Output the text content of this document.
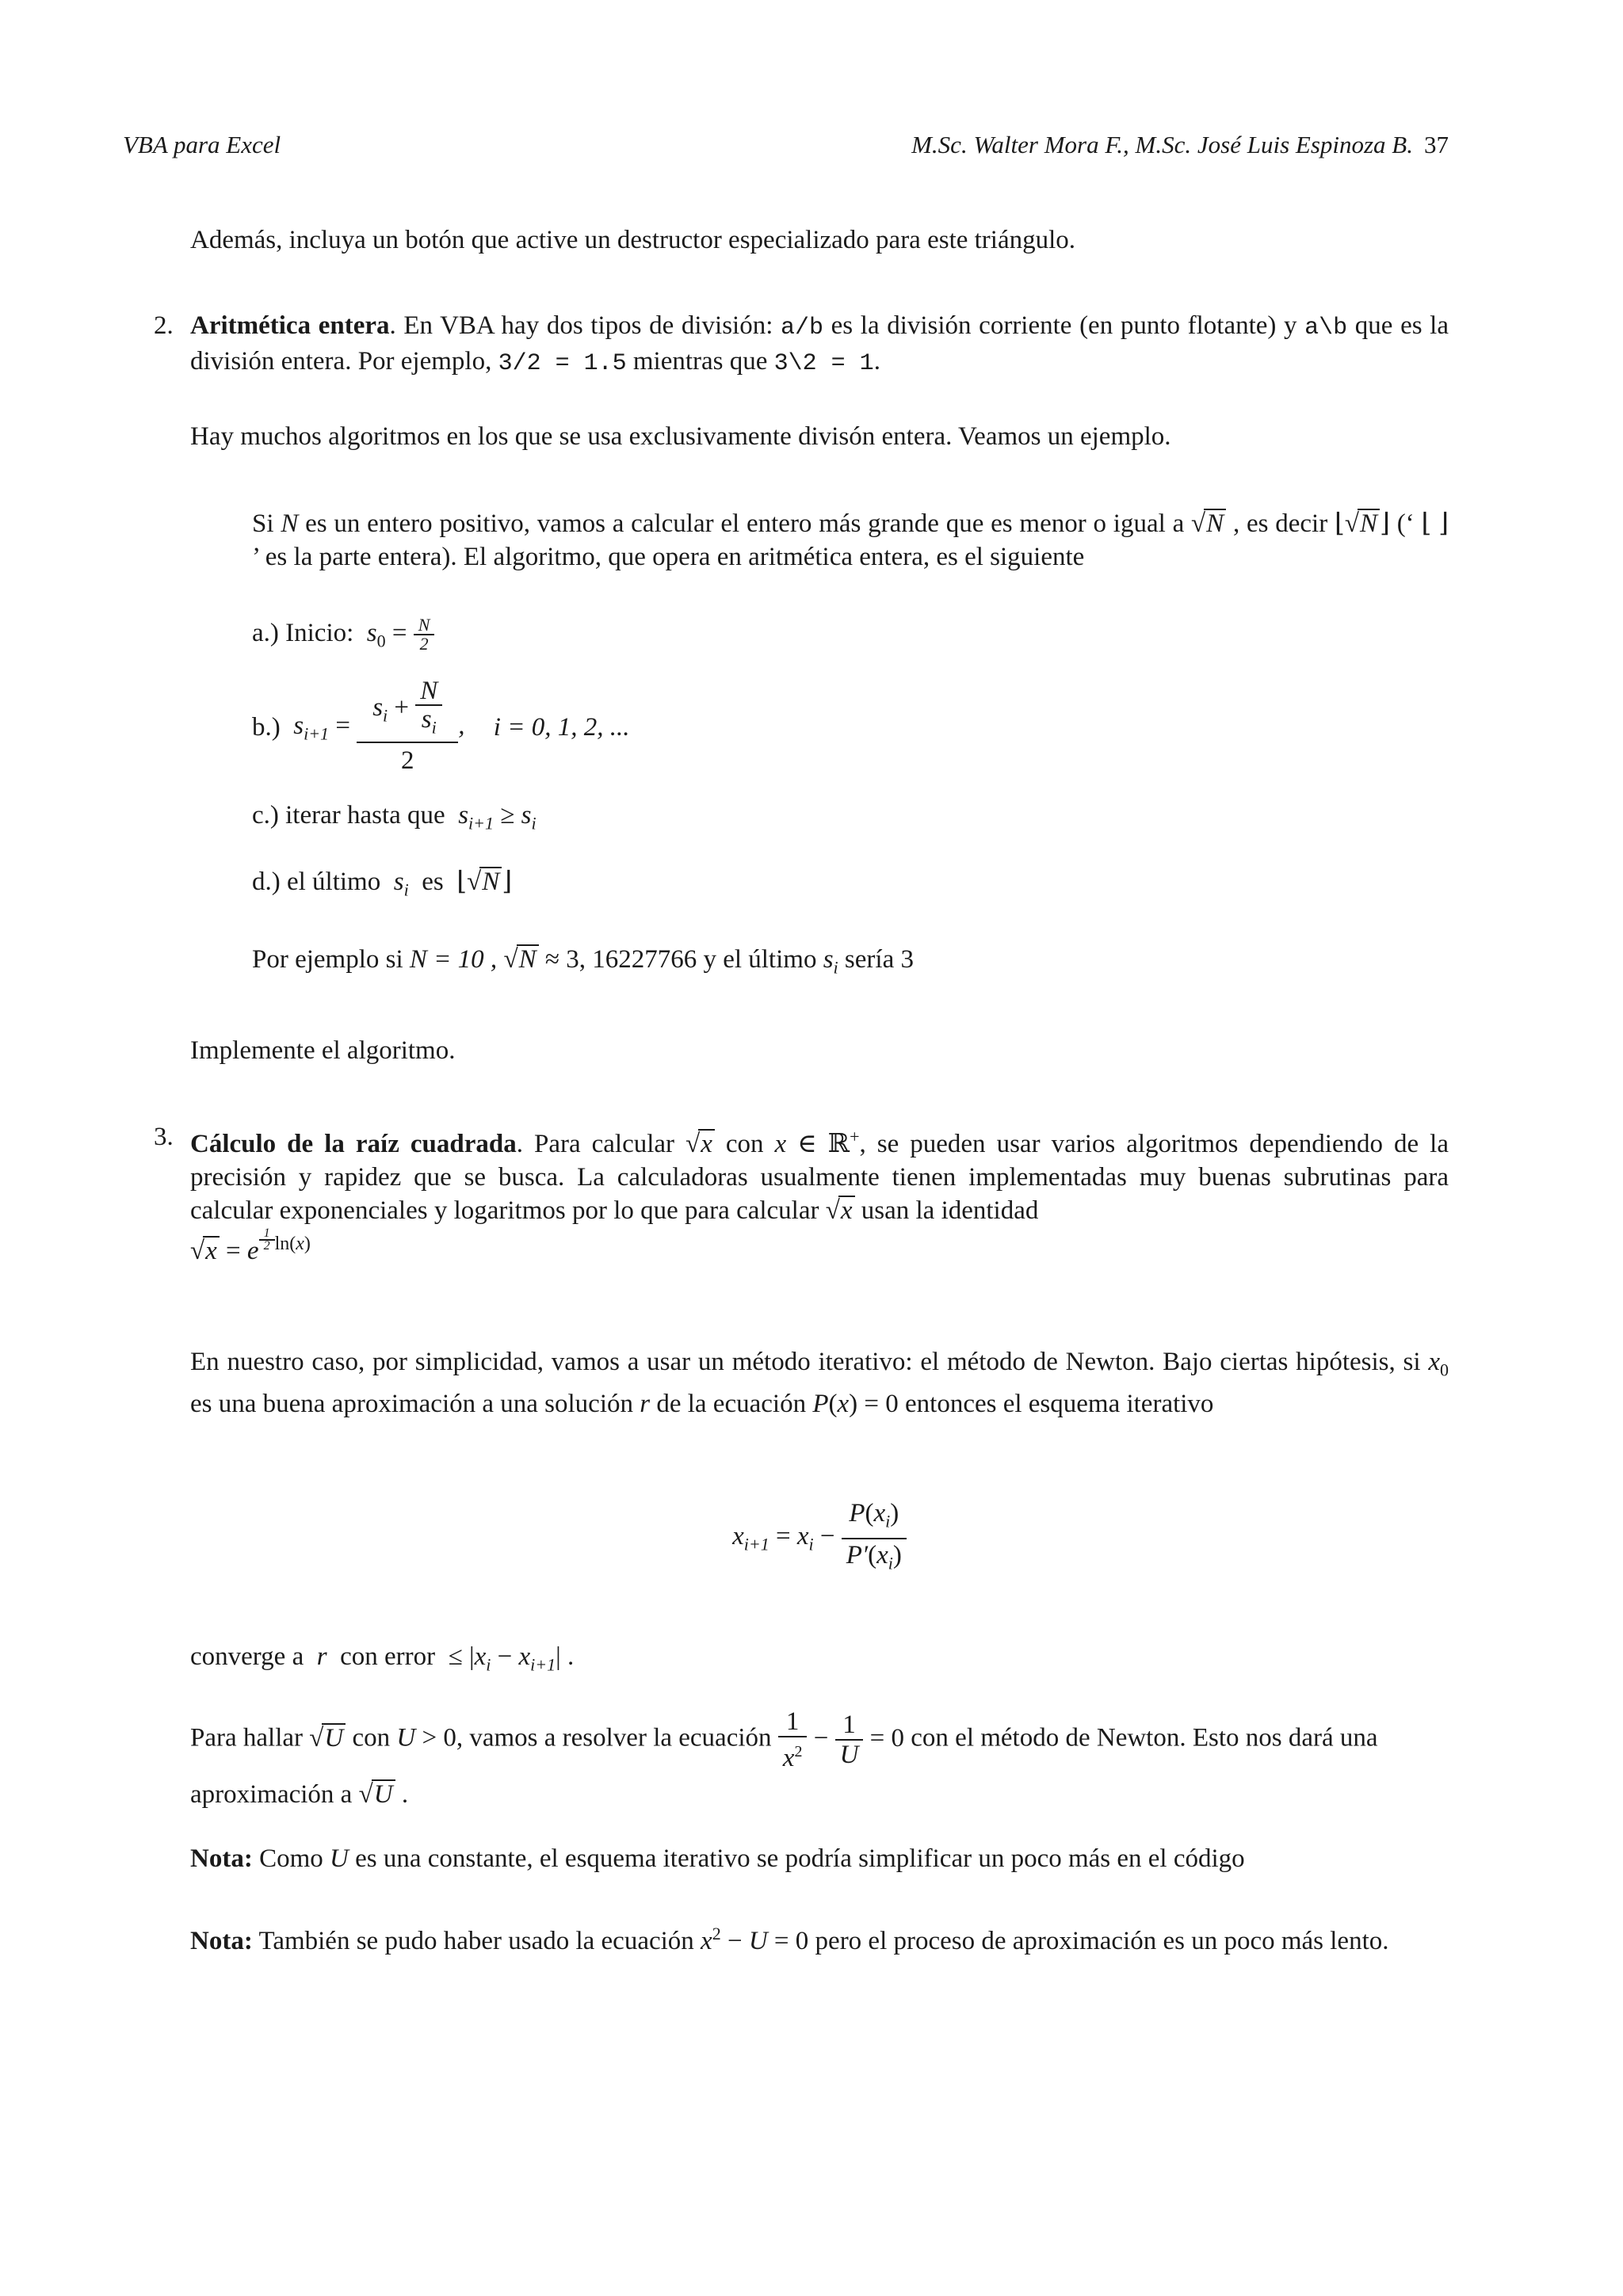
VBA para Excel	M.Sc. Walter Mora F., M.Sc. José Luis Espinoza B. 37

Además, incluya un botón que active un destructor especializado para este triángulo.

2. Aritmética entera. En VBA hay dos tipos de división: a/b es la división corriente (en punto flotante) y a\b que es la división entera. Por ejemplo, 3/2 = 1.5 mientras que 3\2 = 1.

Hay muchos algoritmos en los que se usa exclusivamente divisón entera. Veamos un ejemplo.

Si N es un entero positivo, vamos a calcular el entero más grande que es menor o igual a √N , es decir ⌊√N⌋ (‘ ⌊ ⌋ ’ es la parte entera). El algoritmo, que opera en aritmética entera, es el siguiente

a.) Inicio:  $s_0 = \frac{N}{2}$
b.)  $s_{i+1} = \frac{s_i + \frac{N}{s_i}}{2}$ , i = 0, 1, 2, ...
c.) iterar hasta que  $s_{i+1} \ge s_i$
d.) el último  $s_i$ es  ⌊√N⌋
Por ejemplo si N = 10 , √N ≈ 3, 16227766 y el último $s_i$ sería 3

Implemente el algoritmo.

3. Cálculo de la raíz cuadrada. Para calcular √x con x ∈ ℝ+, se pueden usar varios algoritmos dependiendo de la precisión y rapidez que se busca. La calculadoras usualmente tienen implementadas muy buenas subrutinas para calcular exponenciales y logaritmos por lo que para calcular √x usan la identidad
√x = e $^{\frac{1}{2} ln(x)}$

En nuestro caso, por simplicidad, vamos a usar un método iterativo: el método de Newton. Bajo ciertas hipótesis, si $x_0$ es una buena aproximación a una solución r de la ecuación P(x) = 0 entonces el esquema iterativo

$x_{i+1} = x_i - \frac{P(x_i)}{P'(x_i)}$
converge a  r  con error ≤ $|x_i - x_{i+1}|$ .

Para hallar √U con U > 0, vamos a resolver la ecuación $\frac{1}{x^2} - \frac{1}{U} = 0$ con el método de Newton. Esto nos dará una aproximación a √U .

Nota: Como U es una constante, el esquema iterativo se podría simplificar un poco más en el código

Nota: También se pudo haber usado la ecuación $x^2 - U = 0$ pero el proceso de aproximación es un poco más lento.
